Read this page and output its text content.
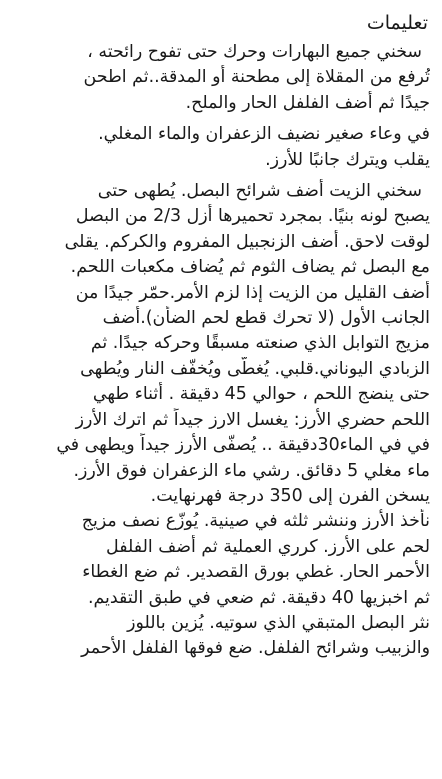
تعليمات
سخني جميع البهارات وحرك حتى تفوح رائحته ،
تُرفع من المقلاة إلى مطحنة أو المدقة..ثم اطحن
جيدًا ثم أضف الفلفل الحار والملح.
في وعاء صغير نضيف الزعفران والماء المغلي.
يقلب ويترك جانبًا للأرز.
سخني الزيت أضف شرائح البصل. يُطهى حتى
يصبح لونه بنيًا. بمجرد تحميرها أزل 2/3 من البصل
لوقت لاحق. أضف الزنجبيل المفروم والكركم. يقلى
مع البصل ثم يضاف الثوم ثم يُضاف مكعبات اللحم.
أضف القليل من الزيت إذا لزم الأمر.حمّر جيدًا من
الجانب الأول (لا تحرك قطع لحم الضأن).أضف
مزيج التوابل الذي صنعته مسبقًا وحركه جيدًا. ثم
الزبادي اليوناني.قلبي. يُغطّى ويُخفّف النار ويُطهى
حتى ينضج اللحم ، حوالي 45 دقيقة . أثناء طهي
اللحم حضري الأرز: يغسل الارز جيداً ثم اترك الأرز
في في الماء30دقيقة .. يُصفّى الأرز جيداً ويطهى في
ماء مغلي 5 دقائق. رشي ماء الزعفران فوق الأرز.
يسخن الفرن إلى 350 درجة فهرنهايت.
نأخذ الأرز وننشر ثلثه في صينية. يُوزّع نصف مزيج
لحم على الأرز. كرري العملية ثم أضف الفلفل
الأحمر الحار. غطي بورق القصدير. ثم ضع الغطاء
ثم اخبزيها 40 دقيقة. ثم ضعي في طبق التقديم.
نثر البصل المتبقي الذي سوتيه. يُزين باللوز
والزبيب وشرائح الفلفل. ضع فوقها الفلفل الأحمر
